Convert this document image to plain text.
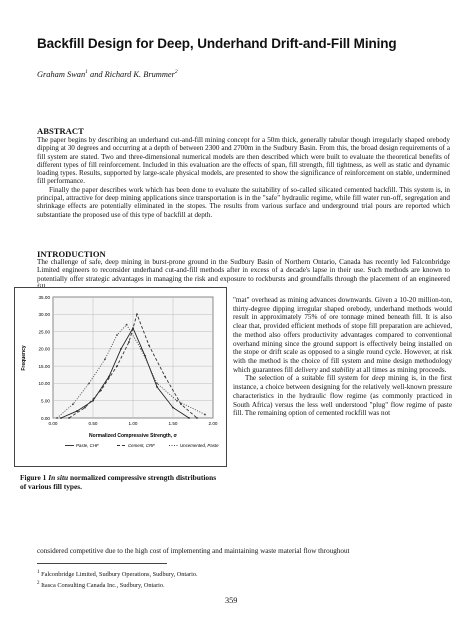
Backfill Design for Deep, Underhand Drift-and-Fill Mining
Graham Swan$^1$ and Richard K. Brummer$^2$
ABSTRACT

The paper begins by describing an underhand cut-and-fill mining concept for a 50m thick, generally tabular though irregularly shaped orebody dipping at 30 degrees and occurring at a depth of between 2300 and 2700m in the Sudbury Basin. From this, the broad design requirements of a fill system are stated. Two and three-dimensional numerical models are then described which were built to evaluate the theoretical benefits of different types of fill reinforcement. Included in this evaluation are the effects of span, fill strength, fill tightness, as well as static and dynamic loading types. Results, supported by large-scale physical models, are presented to show the significance of reinforcement on stable, undermined fill performance.

Finally the paper describes work which has been done to evaluate the suitability of so-called silicated cemented backfill. This system is, in principal, attractive for deep mining applications since transportation is in the "safe" hydraulic regime, while fill water run-off, segregation and shrinkage effects are potentially eliminated in the stopes. The results from various surface and underground trial pours are reported which substantiate the proposed use of this type of backfill at depth.

INTRODUCTION

The challenge of safe, deep mining in burst-prone ground in the Sudbury Basin of Northern Ontario, Canada has recently led Falconbridge Limited engineers to reconsider underhand cut-and-fill methods after in excess of a decade's lapse in their use. Such methods are known to potentially offer strategic advantages in managing the risk and exposure to rockbursts and groundfalls through the placement of an engineered

35.00
30.00
25.00
20.00
15.00
10.00
5.00
0.00
0.00	0.50	1.00	1.50	2.00
Frequency
Normalized Compressive Strength, σ
Paste, CHF	Cement, CRF	Uncemented, Paste
Figure 1 In situ normalized compressive strength distributions of various fill types.

"mat" overhead as mining advances downwards. Given a 10-20 million-ton, thirty-degree dipping irregular shaped orebody, underhand methods would result in approximately 75% of ore tonnage mined beneath fill. It is also clear that, provided efficient methods of stope fill preparation are achieved, the method also offers productivity advantages compared to conventional overhand mining since the ground support is effectively being installed on the stope or drift scale as opposed to a single round cycle. However, at risk with the method is the choice of fill system and mine design methodology which guarantees fill delivery and stability at all times as mining proceeds.

The selection of a suitable fill system for deep mining is, in the first instance, a choice between designing for the relatively well-known pressure characteristics in the hydraulic flow regime (as commonly practiced in South Africa) versus the less well understood "plug" flow regime of paste fill. The remaining option of cemented rockfill was not

considered competitive due to the high cost of implementing and maintaining waste material flow throughout
$^1$ Falconbridge Limited, Sudbury Operations, Sudbury, Ontario.
$^2$ Itasca Consulting Canada Inc., Sudbury, Ontario.
359
